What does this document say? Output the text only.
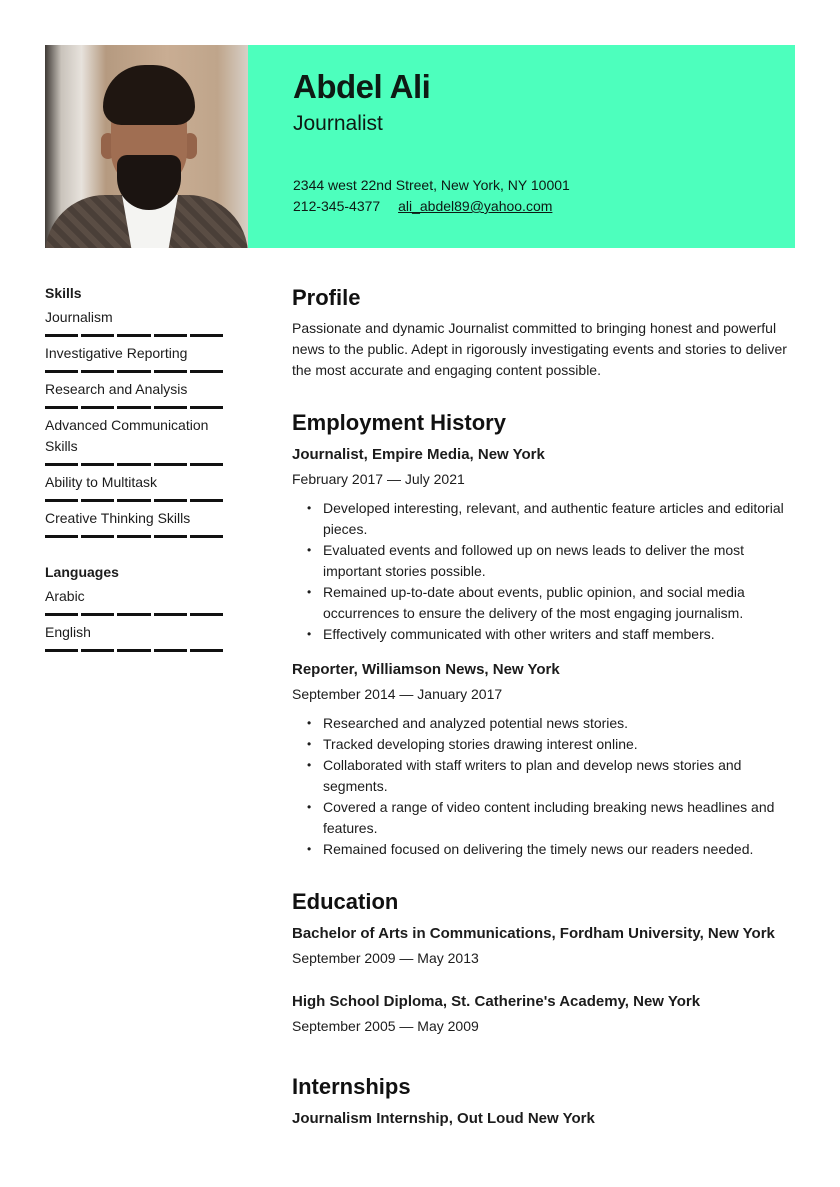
Abdel Ali
Journalist
2344 west 22nd Street, New York, NY 10001
212-345-4377 ali_abdel89@yahoo.com
Skills
Journalism
Investigative Reporting
Research and Analysis
Advanced Communication Skills
Ability to Multitask
Creative Thinking Skills
Languages
Arabic
English
Profile

Passionate and dynamic Journalist committed to bringing honest and powerful news to the public. Adept in rigorously investigating events and stories to deliver the most accurate and engaging content possible.

Employment History
Journalist, Empire Media, New York
February 2017 — July 2021
• Developed interesting, relevant, and authentic feature articles and editorial pieces.
• Evaluated events and followed up on news leads to deliver the most important stories possible.
• Remained up-to-date about events, public opinion, and social media occurrences to ensure the delivery of the most engaging journalism.
• Effectively communicated with other writers and staff members.
Reporter, Williamson News, New York
September 2014 — January 2017
• Researched and analyzed potential news stories.
• Tracked developing stories drawing interest online.
• Collaborated with staff writers to plan and develop news stories and segments.
• Covered a range of video content including breaking news headlines and features.
• Remained focused on delivering the timely news our readers needed.
Education
Bachelor of Arts in Communications, Fordham University, New York
September 2009 — May 2013
High School Diploma, St. Catherine's Academy, New York
September 2005 — May 2009
Internships
Journalism Internship, Out Loud New York
